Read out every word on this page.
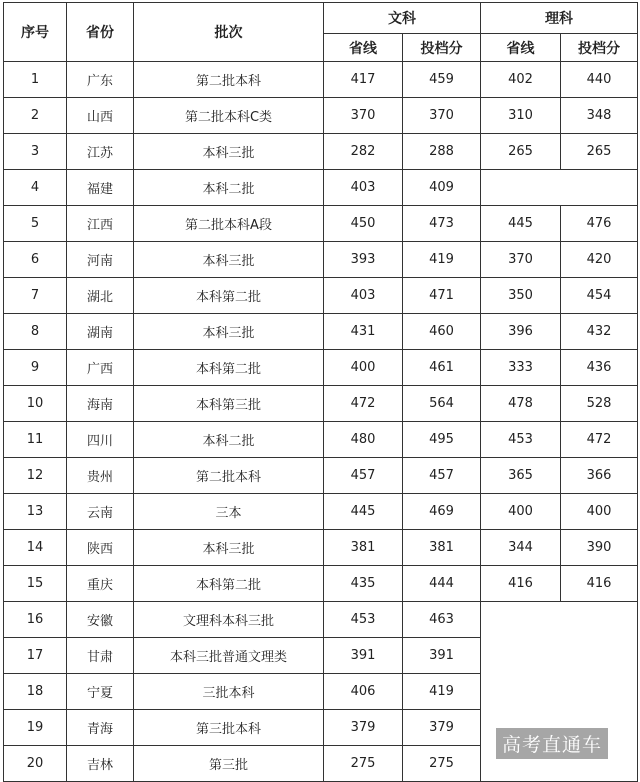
序号	省份	批次	文科		理科	
			省线	投档分	省线	投档分
1	广东	第二批本科	417	459	402	440
2	山西	第二批本科C类	370	370	310	348
3	江苏	本科三批	282	288	265	265
4	福建	本科二批	403	409		
5	江西	第二批本科A段	450	473	445	476
6	河南	本科三批	393	419	370	420
7	湖北	本科第二批	403	471	350	454
8	湖南	本科三批	431	460	396	432
9	广西	本科第二批	400	461	333	436
10	海南	本科第三批	472	564	478	528
11	四川	本科二批	480	495	453	472
12	贵州	第二批本科	457	457	365	366
13	云南	三本	445	469	400	400
14	陕西	本科三批	381	381	344	390
15	重庆	本科第二批	435	444	416	416
16	安徽	文理科本科三批	453	463		
17	甘肃	本科三批普通文理类	391	391		
18	宁夏	三批本科	406	419		
19	青海	第三批本科	379	379		
20	吉林	第三批	275	275		
高考直通车
